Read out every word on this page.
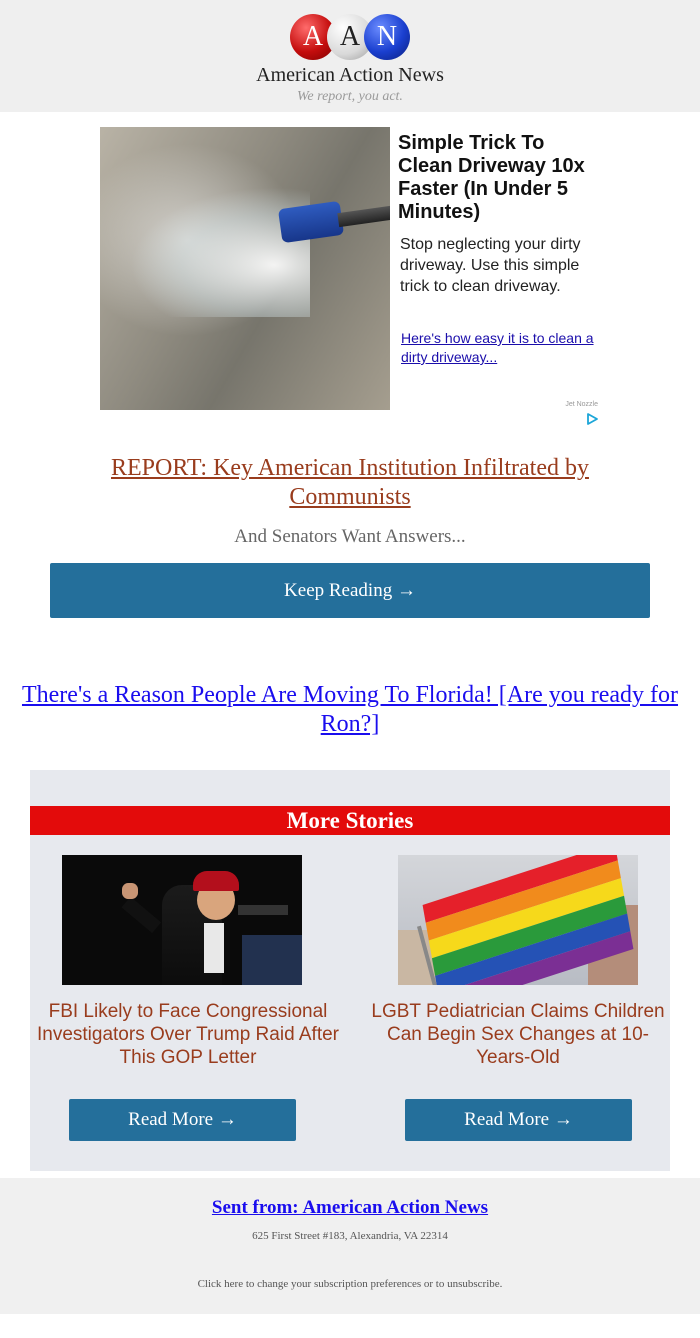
A A N
American Action News
We report, you act.
Simple Trick To Clean Driveway 10x Faster (In Under 5 Minutes)
Stop neglecting your dirty driveway. Use this simple trick to clean driveway.
Here's how easy it is to clean a dirty driveway...
Jet Nozzle
REPORT: Key American Institution Infiltrated by Communists
And Senators Want Answers...
Keep Reading →
There's a Reason People Are Moving To Florida! [Are you ready for Ron?]
More Stories
FBI Likely to Face Congressional Investigators Over Trump Raid After This GOP Letter
LGBT Pediatrician Claims Children Can Begin Sex Changes at 10-Years-Old
Read More →	Read More →
Sent from: American Action News
625 First Street #183, Alexandria, VA 22314
Click here to change your subscription preferences or to unsubscribe.
